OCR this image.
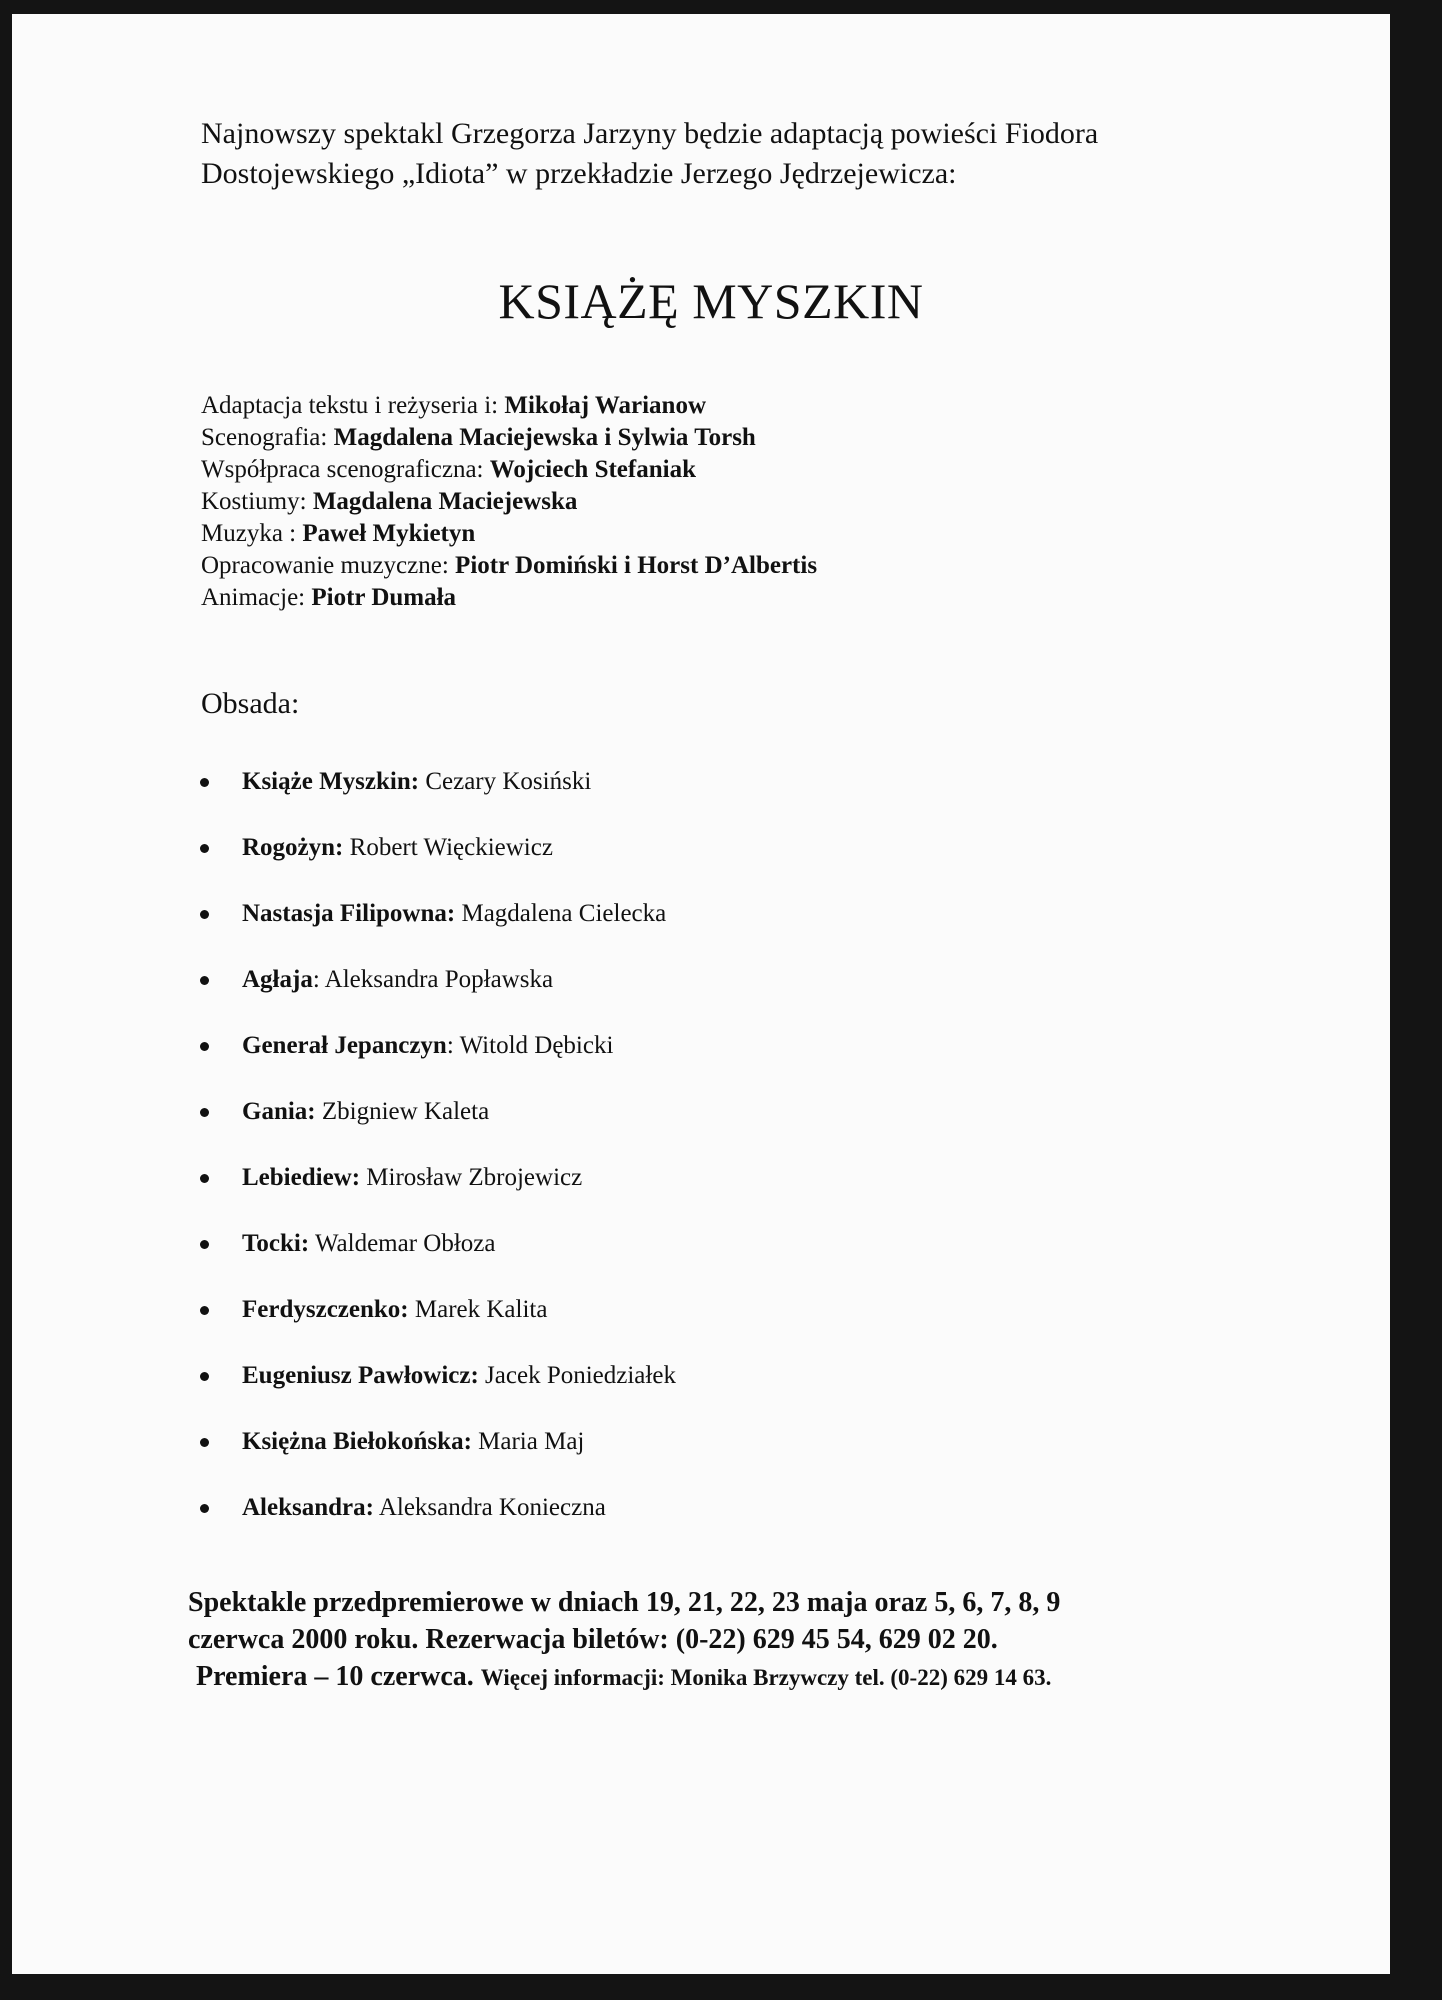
Najnowszy spektakl Grzegorza Jarzyny będzie adaptacją powieści Fiodora
Dostojewskiego „Idiota” w przekładzie Jerzego Jędrzejewicza:
KSIĄŻĘ MYSZKIN
Adaptacja tekstu i reżyseria i: Mikołaj Warianow
Scenografia: Magdalena Maciejewska i Sylwia Torsh
Współpraca scenograficzna: Wojciech Stefaniak
Kostiumy: Magdalena Maciejewska
Muzyka : Paweł Mykietyn
Opracowanie muzyczne: Piotr Domiński i Horst D’Albertis
Animacje: Piotr Dumała
Obsada:
Książe Myszkin: Cezary Kosiński
Rogożyn: Robert Więckiewicz
Nastasja Filipowna: Magdalena Cielecka
Agłaja: Aleksandra Popławska
Generał Jepanczyn: Witold Dębicki
Gania: Zbigniew Kaleta
Lebiediew: Mirosław Zbrojewicz
Tocki: Waldemar Obłoza
Ferdyszczenko: Marek Kalita
Eugeniusz Pawłowicz: Jacek Poniedziałek
Księżna Biełokońska: Maria Maj
Aleksandra: Aleksandra Konieczna
Spektakle przedpremierowe w dniach 19, 21, 22, 23 maja oraz 5, 6, 7, 8, 9
czerwca 2000 roku. Rezerwacja biletów: (0-22) 629 45 54, 629 02 20.
Premiera – 10 czerwca. Więcej informacji: Monika Brzywczy tel. (0-22) 629 14 63.
